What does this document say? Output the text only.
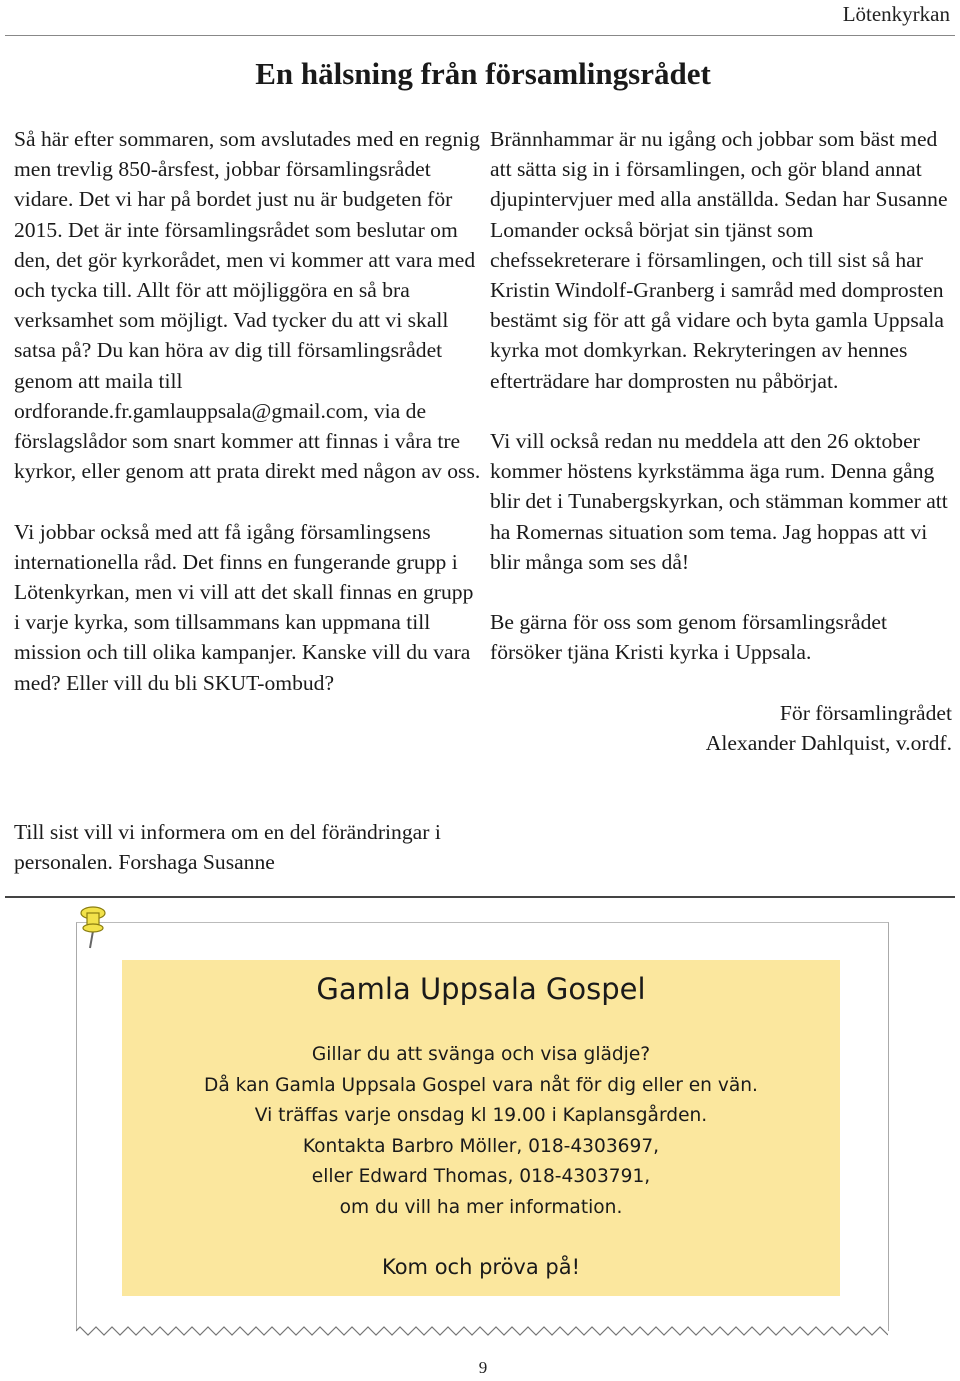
Lötenkyrkan
En hälsning från församlingsrådet

Så här efter sommaren, som avslutades med en regnig men trevlig 850-årsfest, jobbar församlingsrådet vidare. Det vi har på bordet just nu är budgeten för 2015. Det är inte församlingsrådet som beslutar om den, det gör kyrkorådet, men vi kommer att vara med och tycka till. Allt för att möjliggöra en så bra verksamhet som möjligt. Vad tycker du att vi skall satsa på? Du kan höra av dig till församlingsrådet genom att maila till ordforande.fr.gamlauppsala@gmail.com, via de förslagslådor som snart kommer att finnas i våra tre kyrkor, eller genom att prata direkt med någon av oss.

Vi jobbar också med att få igång församlingsens internationella råd. Det finns en fungerande grupp i Lötenkyrkan, men vi vill att det skall finnas en grupp i varje kyrka, som tillsammans kan uppmana till mission och till olika kampanjer. Kanske vill du vara med? Eller vill du bli SKUT-ombud?

Till sist vill vi informera om en del förändringar i personalen. Forshaga Susanne

Brännhammar är nu igång och jobbar som bäst med att sätta sig in i församlingen, och gör bland annat djupintervjuer med alla anställda. Sedan har Susanne Lomander också börjat sin tjänst som chefssekreterare i församlingen, och till sist så har Kristin Windolf-Granberg i samråd med domprosten bestämt sig för att gå vidare och byta gamla Uppsala kyrka mot domkyrkan. Rekryteringen av hennes efterträdare har domprosten nu påbörjat.

Vi vill också redan nu meddela att den 26 oktober kommer höstens kyrkstämma äga rum. Denna gång blir det i Tunabergskyrkan, och stämman kommer att ha Romernas situation som tema. Jag hoppas att vi blir många som ses då!

Be gärna för oss som genom församlingsrådet försöker tjäna Kristi kyrka i Uppsala.

För församlingrådet
Alexander Dahlquist, v.ordf.
Gamla Uppsala Gospel
Gillar du att svänga och visa glädje?
Då kan Gamla Uppsala Gospel vara nåt för dig eller en vän.
Vi träffas varje onsdag kl 19.00 i Kaplansgården.
Kontakta Barbro Möller, 018-4303697,
eller Edward Thomas, 018-4303791,
om du vill ha mer information.
Kom och pröva på!
9
